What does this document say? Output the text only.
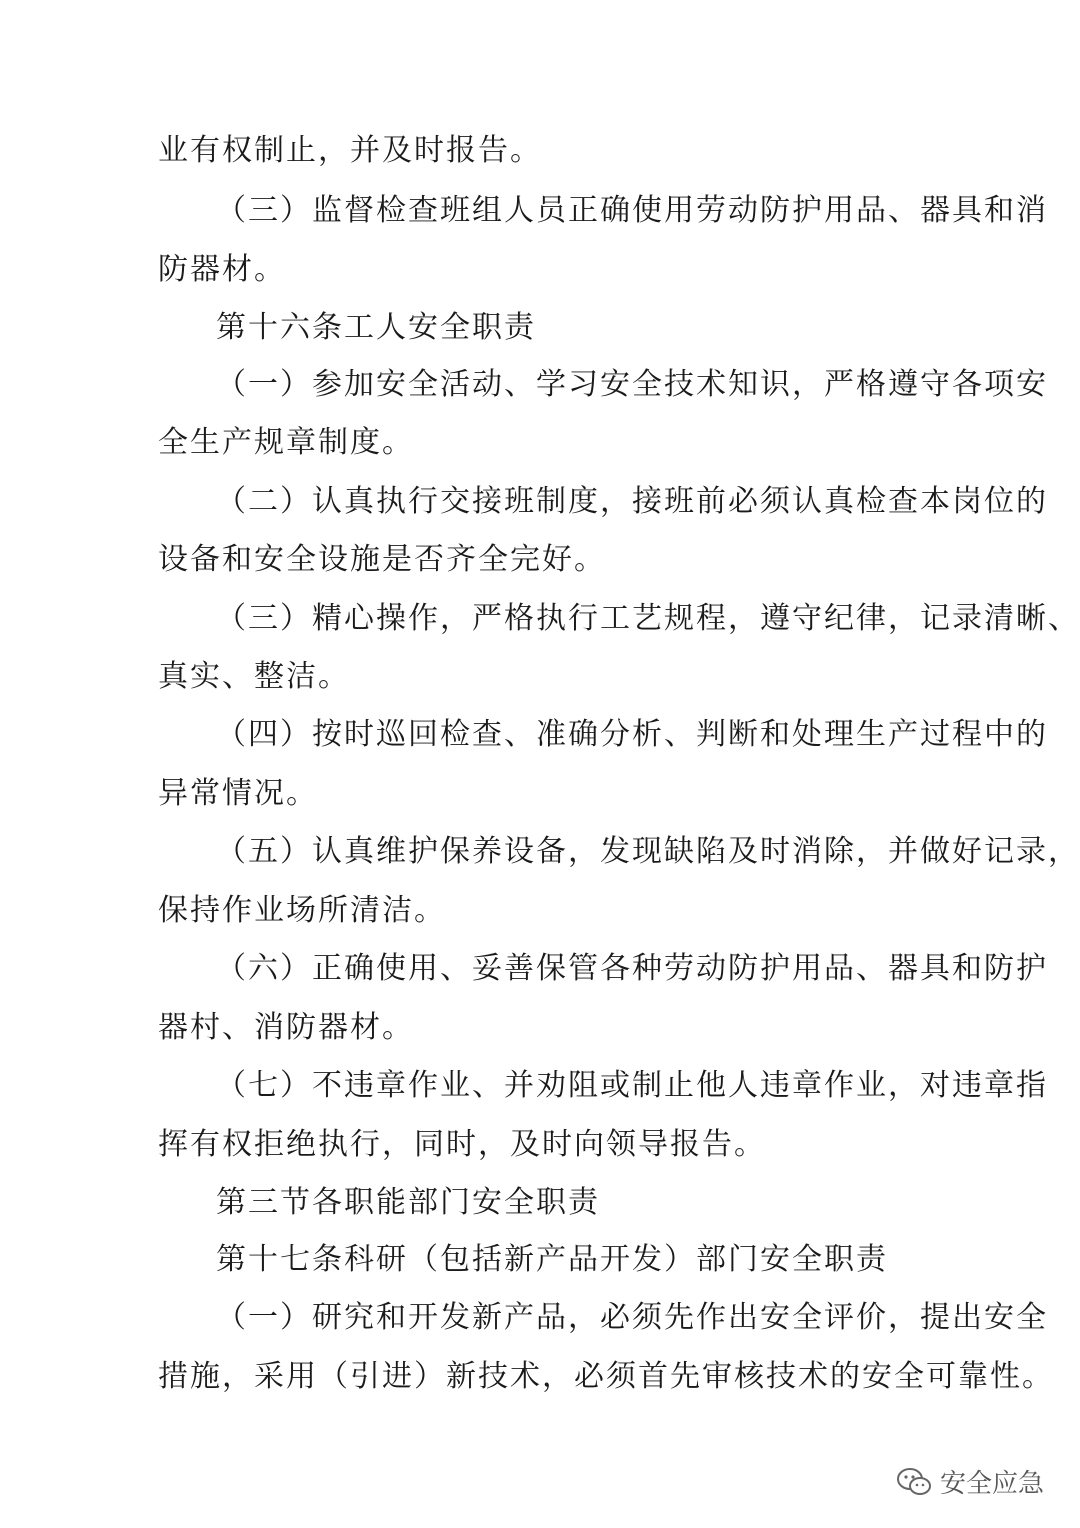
业有权制止，并及时报告。
（三）监督检查班组人员正确使用劳动防护用品、器具和消
防器材。
第十六条工人安全职责
（一）参加安全活动、学习安全技术知识，严格遵守各项安
全生产规章制度。
（二）认真执行交接班制度，接班前必须认真检查本岗位的
设备和安全设施是否齐全完好。
（三）精心操作，严格执行工艺规程，遵守纪律，记录清晰、
真实、整洁。
（四）按时巡回检查、准确分析、判断和处理生产过程中的
异常情况。
（五）认真维护保养设备，发现缺陷及时消除，并做好记录，
保持作业场所清洁。
（六）正确使用、妥善保管各种劳动防护用品、器具和防护
器村、消防器材。
（七）不违章作业、并劝阻或制止他人违章作业，对违章指
挥有权拒绝执行，同时，及时向领导报告。
第三节各职能部门安全职责
第十七条科研（包括新产品开发）部门安全职责
（一）研究和开发新产品，必须先作出安全评价，提出安全
措施，采用（引进）新技术，必须首先审核技术的安全可靠性。
安全应急
